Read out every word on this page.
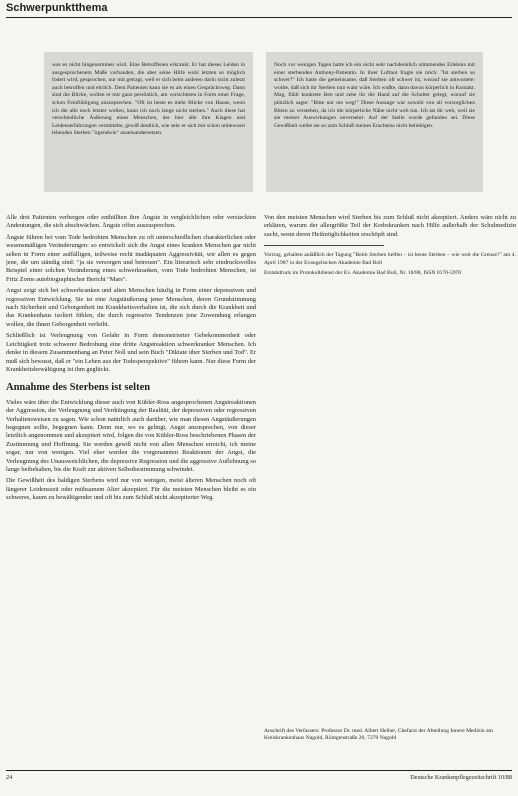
Schwerpunktthema
was es nicht hingenommen wird. Eine Betroffenen erkrankt. Er hat dieses Leiden in ausgesprochenem Maße vorhanden, die aber seine Hilfe wohl letzten so möglich fodert wird, gesprochen, nur mit getragt, weil er sich beim anderen darin nicht zuletzt auch betroffen und ehrlich. Dem Patienten kann sie es als einen Gesprächsweg. Dann sind die Blicke, wollen er mir ganz persönlich, am vorsichtsten in Form einer Frage, schon Feinfühligung anzusprechen. "Oft ist beste es mehr Blicke von Hause, wenn ich die alle noch letzter wollen, kann ich noch lange nicht sterben." Auch diese hat verschiedliche Äußerung eines Menschen, der hier alle ihre Klagen und Leidenserfahrungen vermittelte, gewiß deutlich, wie sehr er sich mit schon unbewusst lebenden Sterben "irgendwie" auseinandersetzen.
Noch vor wenigen Tagen hatte ich ein nicht sehr nachdenklich stimmendes Erlebnis mit einer sterbenden Anthony-Patientin. In ihrer Luftnot fragte sie mich: "Ist sterben so schwer?" Ich hatte die gemeinsame, daß Sterben oft schwer ist, worauf sie antwortete: wollte, daß sich ihr Sterben nun wahr wäre. Ich wußte, dann davon körperlich in Kontakt. Mag, fühlt konkrete Ben und zehe ihr die Hand auf die Schulter gelegt, worauf sie plötzlich sagte: "Bitte nur nie weg!" Diese Aussage war sowohl von all vorsorglichen Bitten zu verstehen, da ich die körperliche Nähe nicht weh tun. Ich tat dir weh, weil sie sie meiner Auswirkungen unversehrt. Auf der Stelle wurde gefunden sei. Diese Gewißheit weibe sie so zum Schluß meines Erachtens nicht beliebigen.

Alle drei Patienten verbergen oder enthüllten ihre Ängste in vergleichlichen oder versteckten Andeutungen, die sich abschwächen. Ängste offen auszusprechen.

Ängste führen bei vom Tode bedrohten Menschen zu oft unterschiedlichen charakterlichen oder wesensmäßigen Veränderungen: so entwickelt sich die Angst eines kranken Menschen gar nicht selten in Form einer auffälligen, teilweise recht inadäquaten Aggressivität, wir allen es gegen jene, die um ständig sind: "ja sie versorgen und betreuen". Ein literarisch sehr eindrucksvolles Beispiel einer solchen Veränderung eines schwerkranken, vom Tode bedrohten Menschen, ist Fritz Zorns autobiographischer Bericht "Mars".

Angst zeigt sich bei schwerkranken und alten Menschen häufig in Form einer depressiven und regressiven Entwicklung. Sie ist eine Angstäußerung jener Menschen, deren Grundstimmung nach Sicherheit und Geborgenheit im Krankheitsverhalten ist, die sich durch die Krankheit und das Krankenhaus isoliert fühlen, die durch regressive Tendenzen jene Zuwendung erlangen wollen, die ihnen Geborgenheit verleiht.

Schließlich ist Verleugnung von Gefahr in Form demonstrierter Gebekommenheit oder Leichtigkeit trotz schwerer Bedrohung eine dritte Angstreaktion schwerkranker Menschen. Ich denke in diesem Zusammenhang an Peter Noll und sein Buch "Diktate über Sterben und Tod". Er muß sich bewusst, daß er "ein Leben aus der Todesperspektive" führen kann. Nur diese Form der Krankheitsbewältigung ist ihm geglückt.

Annahme des Sterbens ist selten

Vieles wäre über die Entwicklung dieser auch von Kübler-Ross angesprochenen Angstreaktionen der Aggression, der Verleugnung und Verdrängung der Realität, der depressiven oder regressiven Verhaltensweisen zu sagen. Wie schon natürlich auch darüber, wie man diesen Angstäußerungen begegnen sollte, begegnen kann. Denn nur, wo es gelingt, Angst anzusprechen, von dieser letztlich angenommen und akzeptiert wird, folgen die von Kübler-Ross beschriebenen Phasen der Zustimmung und Hoffnung. Sie werden gewiß nicht von allen Menschen erreicht, ich meine sogar, nur von wenigen. Viel eher werden die vorgenannten Reaktionen der Angst, die Verleugnung des Unausweichlichen, die depressive Regression und die aggressive Auflehnung so lange beibehalten, bis die Kraft zur aktiven Selbstbestimmung schwindet.

Die Gewißheit des baldigen Sterbens wird nur von wenigen, meist älteren Menschen noch oft längerer Leidenszeit oder mühsamem Alter akzeptiert. Für die meisten Menschen bleibt es ein schweres, kaum zu bewältigender und oft bis zum Schluß nicht akzeptierter Weg.

Von den meisten Menschen wird Sterben bis zum Schluß nicht akzeptiert. Anders wäre nicht zu erklären, warum der allergrößte Teil der Krebskranken nach Hilfe außerhalb der Schulmedizin sucht, wenn deren Heilmöglichkeiten erschöpft sind.

Vortrag, gehalten anläßlich der Tagung "Beim Sterben helfen – ist heute Sterben – wie weit die Grenze?" am 4. April 1987 in der Evangelischen Akademie Bad Boll

Erstabdruck im Protokolldienst der Ev. Akademie Bad Boll, Nr. 18/88, ISSN 0170-5970

Anschrift des Verfassers: Professor Dr. med. Albert Heiber, Chefarzt der Abteilung Innere Medizin am Kreiskrankenhaus Nagold, Röntgenstraße 20, 7270 Nagold
24	Deutsche Krankenpflegezeitschrift 10/88
